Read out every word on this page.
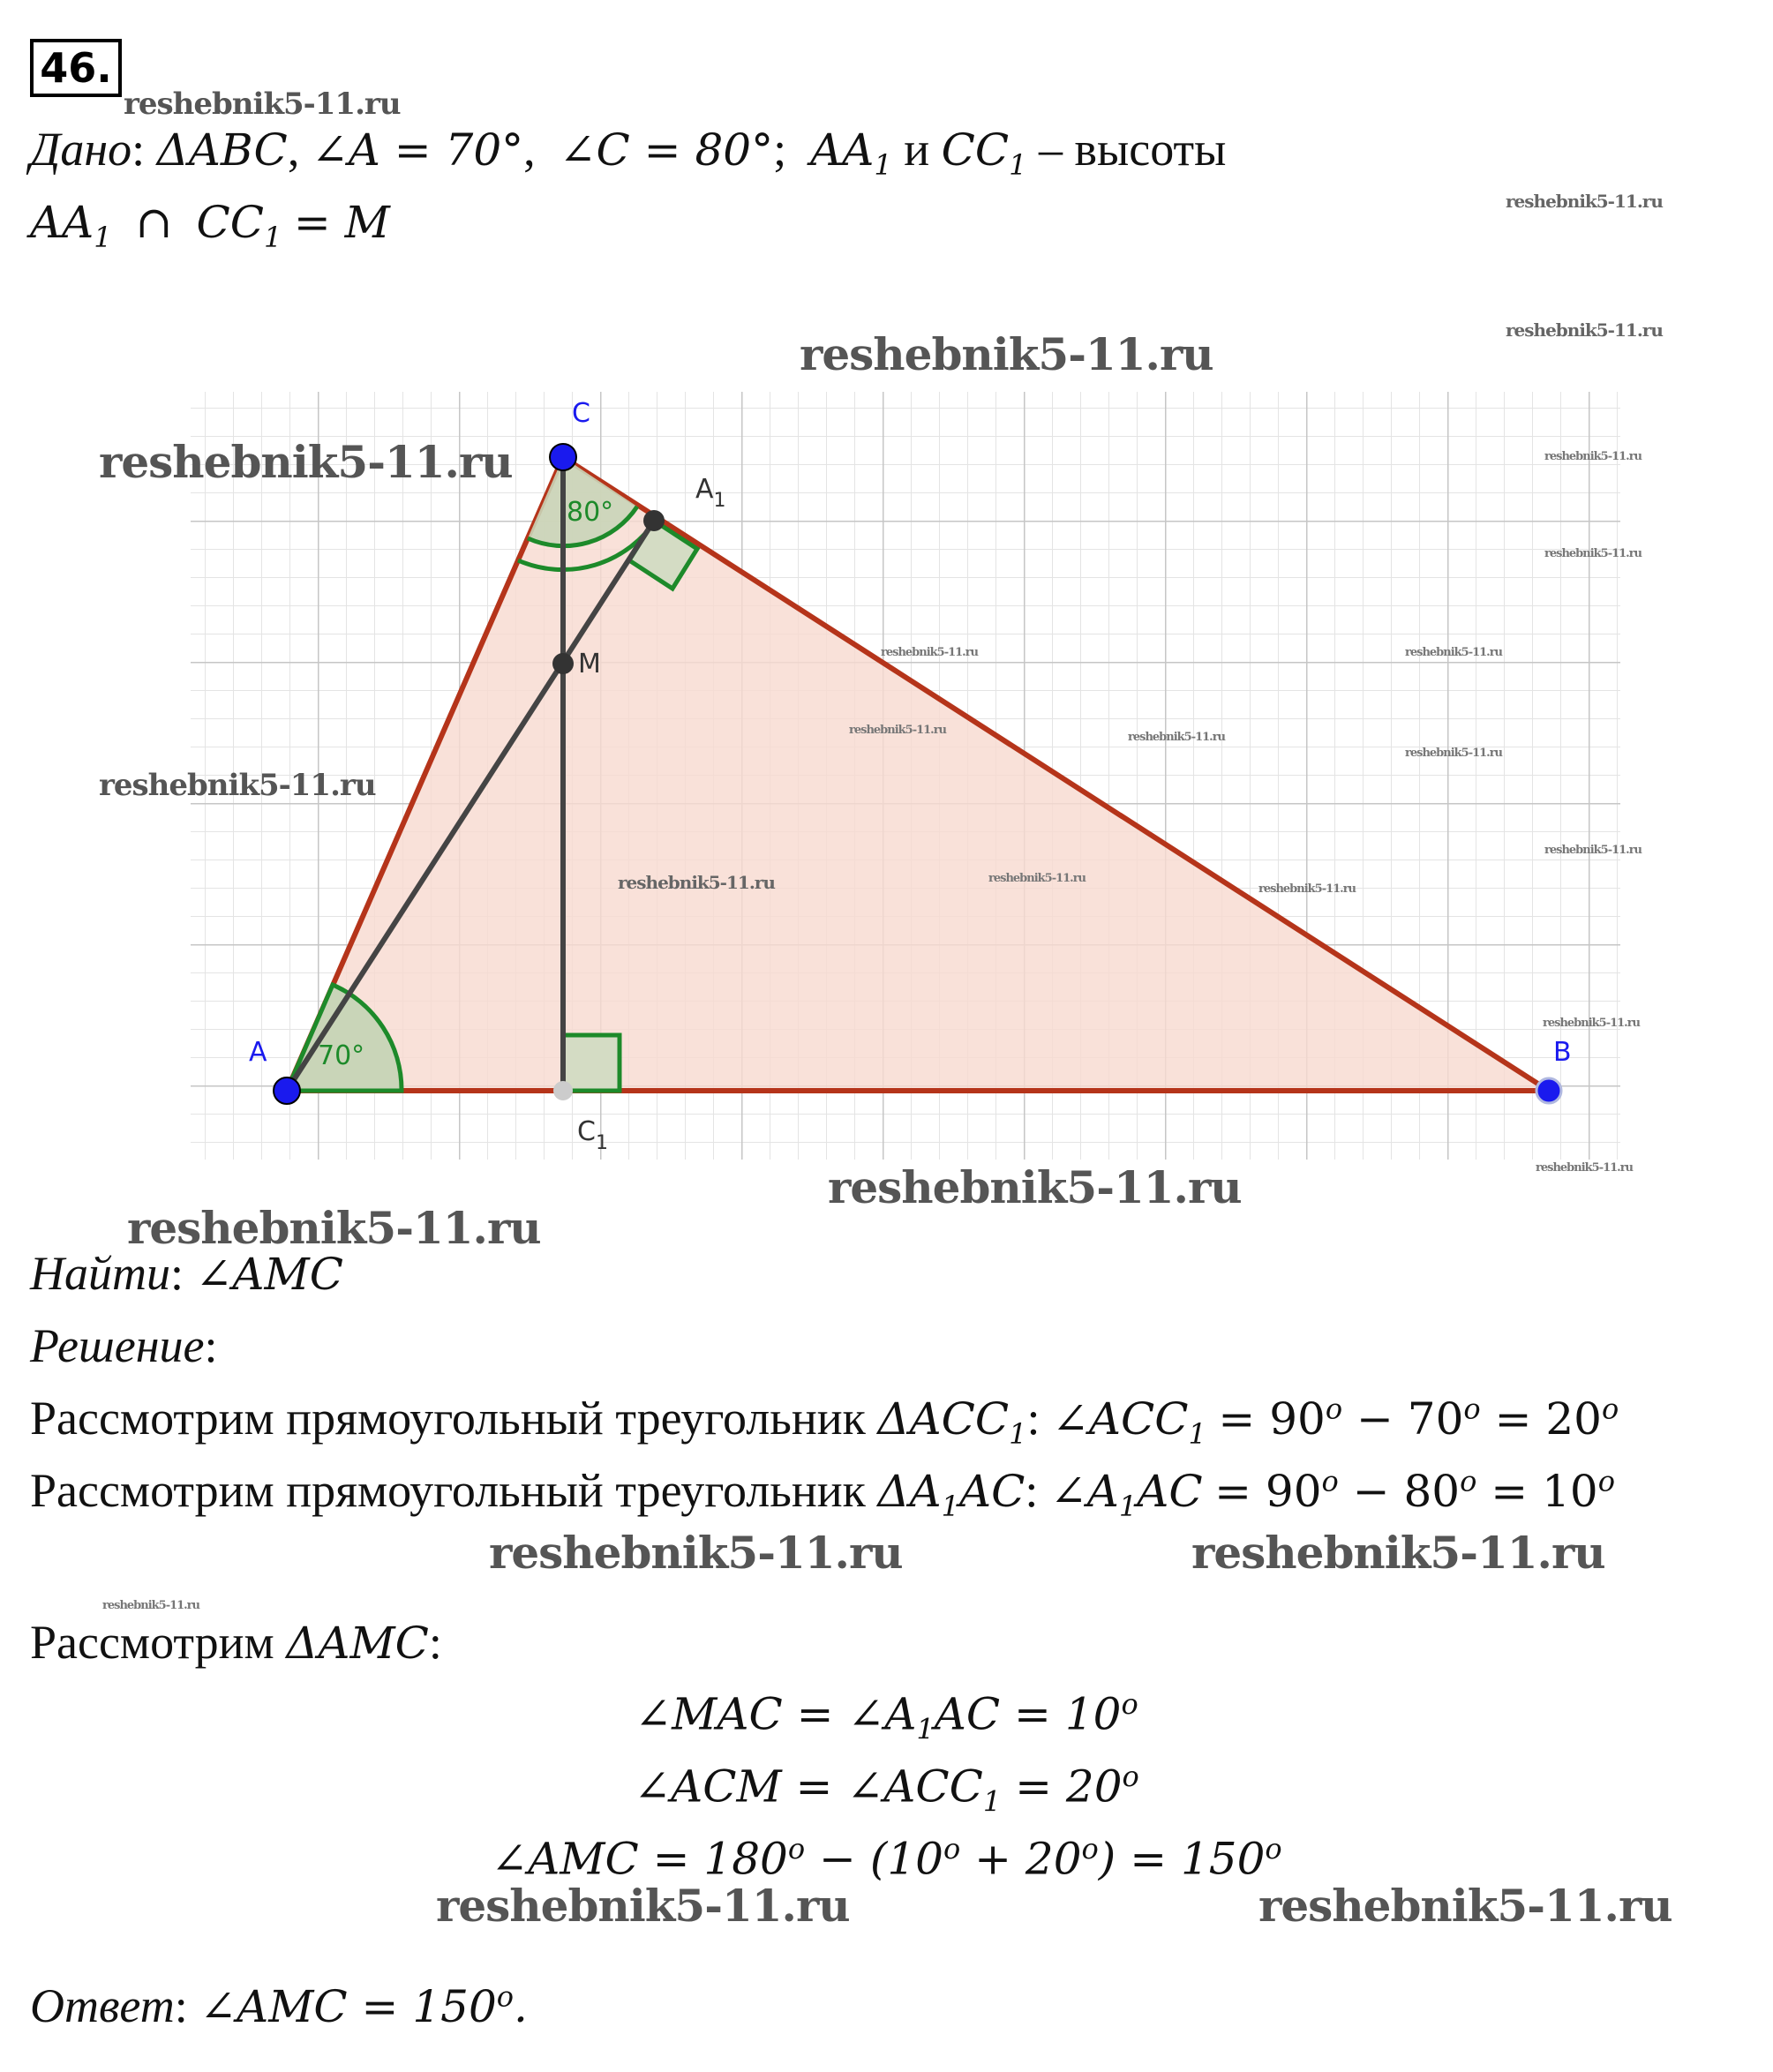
46.
Дано: ΔABC, ∠A = 70°,  ∠C = 80°;  $AA_1$ и $CC_1$ – высоты
$AA_1$ ∩ $CC_1 = M$
A	B
C
M
$A_1$
$C_1$
80°
70°
Найти: ∠AMC
Решение:
Рассмотрим прямоугольный треугольник $\Delta ACC_1$: $\angle ACC_1 = 90^o - 70^o = 20^o$
Рассмотрим прямоугольный треугольник $\Delta A_1AC$: $\angle A_1AC = 90^o - 80^o = 10^o$
Рассмотрим ΔAMC:
∠MAC = $\angle A_1AC = 10^o$
∠ACM = $\angle ACC_1 = 20^o$
∠AMC = $180^o - (10^o + 20^o) = 150^o$
Ответ: ∠AMC = $150^o$.
reshebnik5-11.ru
reshebnik5-11.ru
reshebnik5-11.ru
reshebnik5-11.ru
reshebnik5-11.ru	reshebnik5-11.ru
reshebnik5-11.ru
reshebnik5-11.ru	reshebnik5-11.ru
reshebnik5-11.ru
reshebnik5-11.ru
reshebnik5-11.ru
reshebnik5-11.ru
reshebnik5-11.ru	reshebnik5-11.ru
reshebnik5-11.ru
reshebnik5-11.ru
reshebnik5-11.ru
reshebnik5-11.ru
reshebnik5-11.ru
reshebnik5-11.ru
reshebnik5-11.ru	reshebnik5-11.ru
reshebnik5-11.ru
reshebnik5-11.ru	reshebnik5-11.ru
